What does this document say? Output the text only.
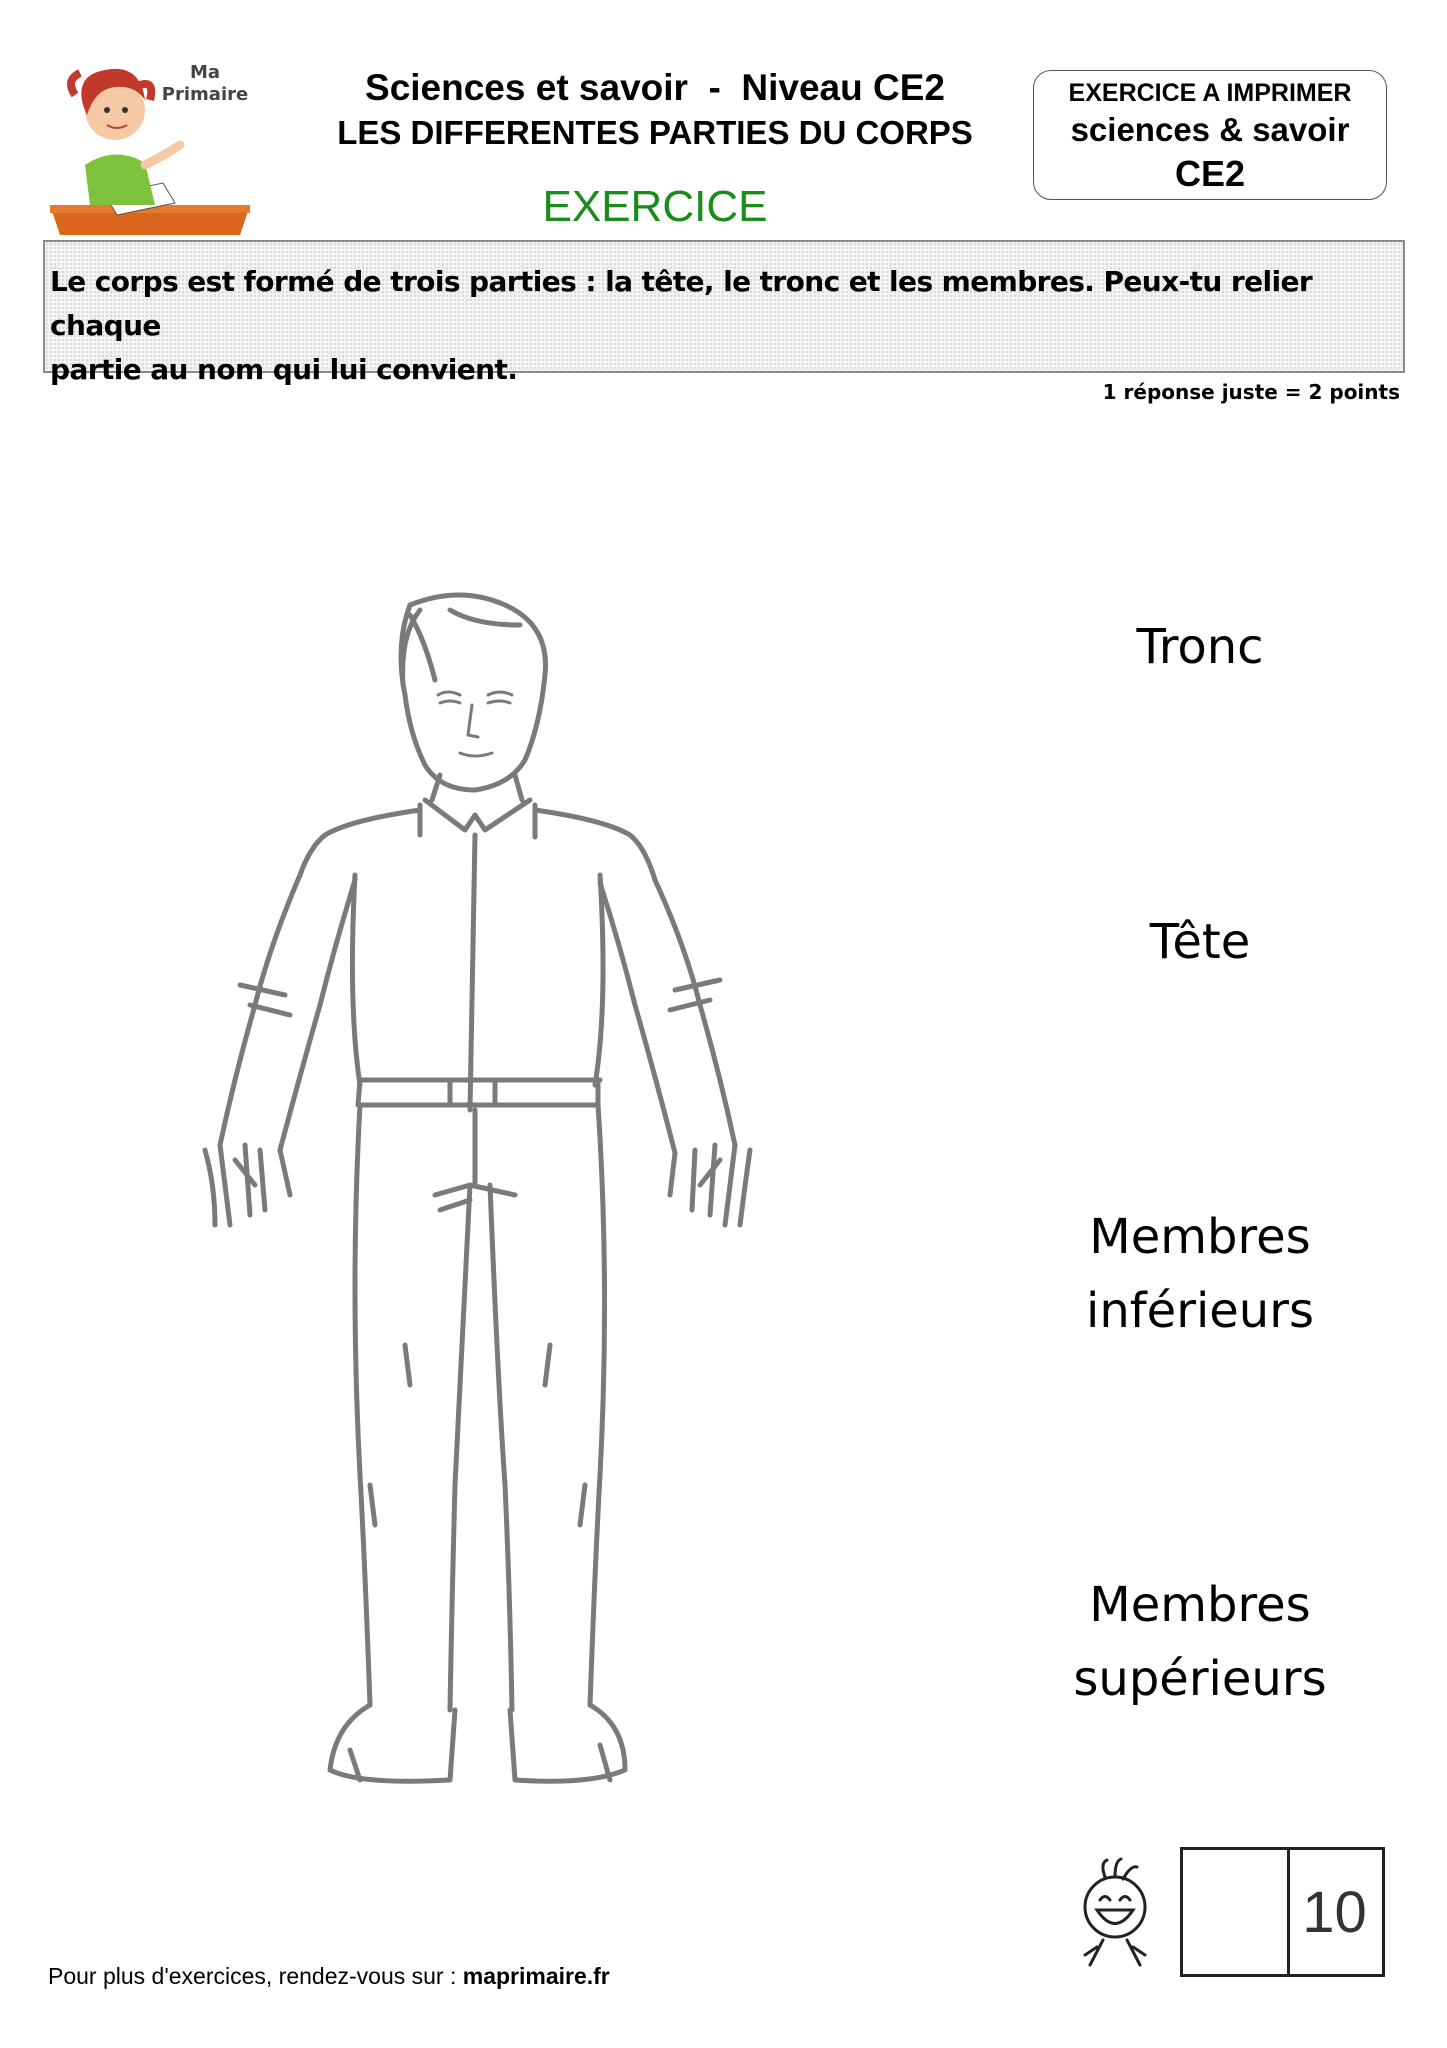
Ma
Primaire	Sciences et savoir  -  Niveau CE2
LES DIFFERENTES PARTIES DU CORPS
EXERCICE
EXERCICE A IMPRIMER
sciences & savoir
CE2
Le corps est formé de trois parties : la tête, le tronc et les membres. Peux-tu relier chaque
partie au nom qui lui convient.
1 réponse juste = 2 points
Tronc
Tête
Membres
inférieurs
Membres
supérieurs
10
Pour plus d'exercices, rendez-vous sur : maprimaire.fr
